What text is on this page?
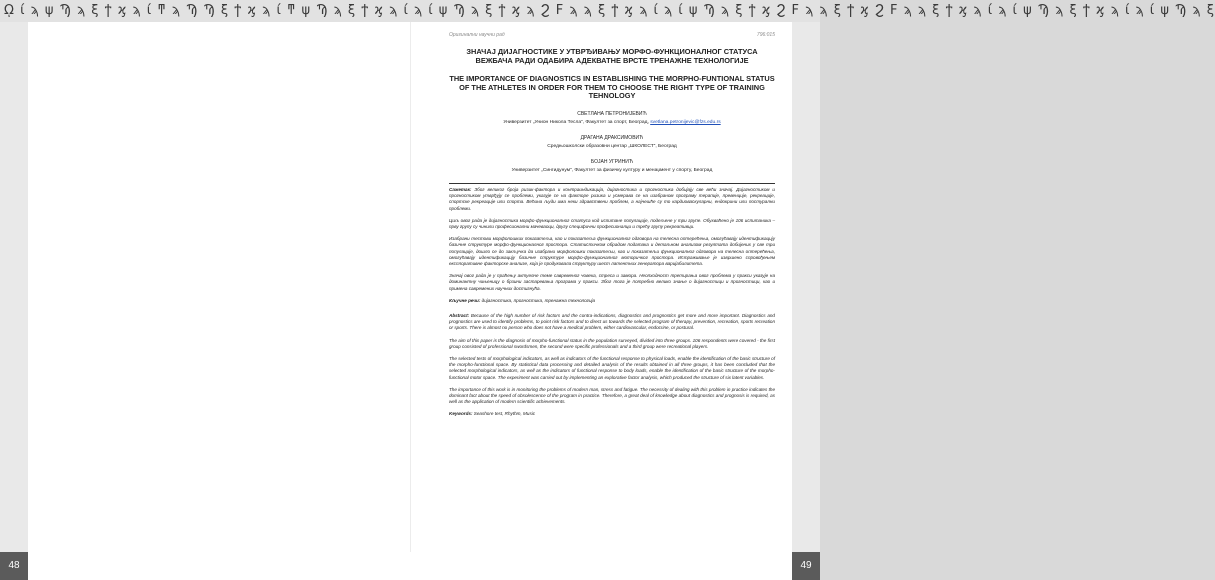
ῼ ί ϡ ψ Ϡ ϡ ξ ϯ ϗ ϡ ί ͳ ϡ Ϡ Ϡ ξ ϯ ϗ ϡ ί ͳ ψ Ϡ ϡ ξ ϯ ϗ ϡ ί ϡ ί ψ Ϡ ϡ ξ ϯ ϗ ϡ Ϩ Ϝ ϡ ϡ ξ ϯ ϗ ϡ ί ϡ ί ψ Ϡ ϡ ξ ϯ ϗ Ϩ Ϝ ϡ ϡ ξ ϯ ϗ Ϩ Ϝ ϡ ϡ ξ ϯ ϗ ϡ ί ϡ ί ψ Ϡ ϡ ξ ϯ ϗ ϡ ί ϡ ί ψ Ϡ ϡ ξ
Оригинални научни рад	796:015
ЗНАЧАЈ ДИЈАГНОСТИКЕ У УТВРЂИВАЊУ МОРФО-ФУНКЦИОНАЛНОГ СТАТУСА ВЕЖБАЧА РАДИ ОДАБИРА АДЕКВАТНЕ ВРСТЕ ТРЕНАЖНЕ ТЕХНОЛОГИЈЕ
THE IMPORTANCE OF DIAGNOSTICS IN ESTABLISHING THE MORPHO-FUNTIONAL STATUS OF THE ATHLETES IN ORDER FOR THEM TO CHOOSE THE RIGHT TYPE OF TRAINING TEHNOLOGY
СВЕТЛАНА ПЕТРОНИЈЕВИЋ
Универзитет „Унион Никола Тесла“, Факултет за спорт, Београд, svetlana.petronijevic@fzs.edu.rs
ДРАГАНА ДРАКСИМОВИЋ
Средњошколски образовни центар „ШКОЛЕСТ“, Београд
БОЈАН УГРИНИЋ
Универзитет „Сингидунум“, Факултет за физичку културу и менаџмент у спорту, Београд
Сажетак: Због великог броја ризик-фактора и контраиндикација, дијагностика и прогностика добијају све већи значај. Дијагностиком и прогностиком утврђују се проблеми, указује се на факторе ризика и усмерава се на изабраном програму терапије, превенције, рекреације, спортске рекреације или спорта. Већина људи има неки здравствени проблем, а најчешће су то кардиоваскуларни, ендокрини или постурални проблеми.
Циљ овог рада је дијагностика морфо-функционалног статуса код испитане популације, подељене у три групе. Обухваћено је 106 испитаника – прву групу су чинили професионални мачеваоци, другу специфични професионалци и трећу групу рекреативци.
Изабрани тестови морфолошких показатеља, као и показатеља функционалног одговора на телесна оптерећења, омогућавају идентификацију базичне структуре морфо-функционалног простора. Статистичком обрадом података и детаљном анализом резултата добијених у све три популације, дошло се до закључка да изабрани морфолошки показатељи, као и показатељи функционалног одговора на телесна оптерећења, омогућавају идентификацију базичне структуре морфо-функционалног моторичког простора. Истраживање је извршено спровођењем експлоративне факторске анализе, која је продуковала структуру шест латентних генератора варијабилитета.
Значај овог рада је у праћењу актуелне теме савременог човека, стреса и замора. Неопходност третирања овог проблема у пракси указује на доминантну чињеницу о брзини застаревања програма у пракси. Због тога је потребно велико знање о дијагностици и прогностици, као и примена савремених научних достигнућа.
Кључне речи: дијагностика, прогностика, тренажна технологија
Abstract: Because of the high number of risk factors and the contra-indications, diagnostics and prognostics get more and more important. Diagnostics and prognostics are used to identify problems, to point risk factors and to direct us towards the selected program of therapy, prevention, recreation, sports recreation or sports. There is almost no person who does not have a medical problem, either cardiovascular, endocrine, or postural.
The aim of this paper is the diagnosis of morpho-functional status in the population surveyed, divided into three groups. 106 respondents were covered - the first group consisted of professional swordsmen, the second were specific professionals and a third group were recreational players.
The selected tests of morphological indicators, as well as indicators of the functional response to physical loads, enable the identification of the basic structure of the morpho-functional space. By statistical data processing and detailed analysis of the results obtained in all three groups, it has been concluded that the selected morphological indicators, as well as the indicators of functional response to body loads, enable the identification of the basic structure of the morpho-functional motor space. The experiment was carried out by implementing an explorative factor analysis, which produced the structure of six latent variables.
The importance of this work is in monitoring the problems of modern man, stress and fatigue. The necessity of dealing with this problem in practice indicates the dominant fact about the speed of obsolescence of the program in practice. Therefore, a great deal of knowledge about diagnostics and prognosis is required, as well as the application of modern scientific achievements.
Keywords: Seashore test, Rhythm, Music
48	49
